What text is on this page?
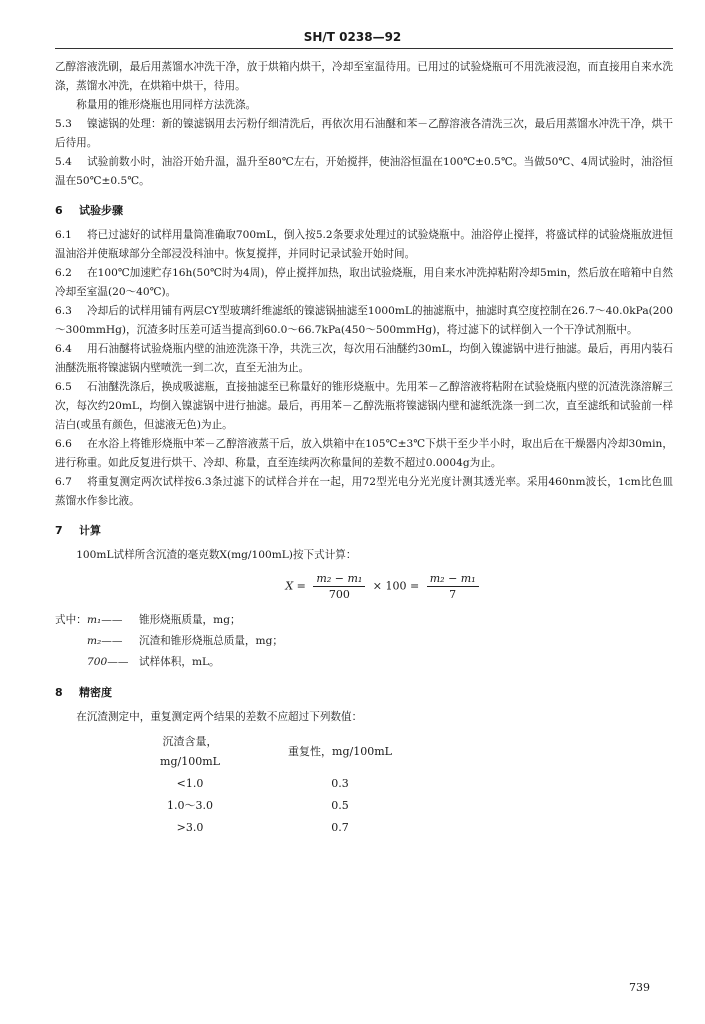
SH/T 0238—92

乙醇溶液洗刷，最后用蒸馏水冲洗干净，放于烘箱内烘干，冷却至室温待用。已用过的试验烧瓶可不用洗液浸泡，而直接用自来水洗涤，蒸馏水冲洗，在烘箱中烘干，待用。

称量用的锥形烧瓶也用同样方法洗涤。

5.3 镍滤锅的处理：新的镍滤锅用去污粉仔细清洗后，再依次用石油醚和苯－乙醇溶液各清洗三次，最后用蒸馏水冲洗干净，烘干后待用。

5.4 试验前数小时，油浴开始升温，温升至80℃左右，开始搅拌，使油浴恒温在100℃±0.5℃。当做50℃、4周试验时，油浴恒温在50℃±0.5℃。

6 试验步骤

6.1 将已过滤好的试样用量筒准确取700mL，倒入按5.2条要求处理过的试验烧瓶中。油浴停止搅拌，将盛试样的试验烧瓶放进恒温油浴并使瓶球部分全部浸没科油中。恢复搅拌，并同时记录试验开始时间。

6.2 在100℃加速贮存16h(50℃时为4周)，停止搅拌加热，取出试验烧瓶，用自来水冲洗掉粘附冷却5min，然后放在暗箱中自然冷却至室温(20～40℃)。

6.3 冷却后的试样用铺有两层CY型玻璃纤维滤纸的镍滤锅抽滤至1000mL的抽滤瓶中，抽滤时真空度控制在26.7～40.0kPa(200～300mmHg)，沉渣多时压差可适当提高到60.0～66.7kPa(450～500mmHg)，将过滤下的试样倒入一个干净试剂瓶中。

6.4 用石油醚将试验烧瓶内壁的油迹洗涤干净，共洗三次，每次用石油醚约30mL，均倒入镍滤锅中进行抽滤。最后，再用内装石油醚洗瓶将镍滤锅内壁喷洗一到二次，直至无油为止。

6.5 石油醚洗涤后，换成吸滤瓶，直接抽滤至已称量好的锥形烧瓶中。先用苯－乙醇溶液将粘附在试验烧瓶内壁的沉渣洗涤溶解三次，每次约20mL，均倒入镍滤锅中进行抽滤。最后，再用苯－乙醇洗瓶将镍滤锅内壁和滤纸洗涤一到二次，直至滤纸和试验前一样洁白(或虽有颜色，但滤液无色)为止。

6.6 在水浴上将锥形烧瓶中苯－乙醇溶液蒸干后，放入烘箱中在105℃±3℃下烘干至少半小时，取出后在干燥器内冷却30min，进行称重。如此反复进行烘干、冷却、称量，直至连续两次称量间的差数不超过0.0004g为止。

6.7 将重复测定两次试样按6.3条过滤下的试样合并在一起，用72型光电分光光度计测其透光率。采用460nm波长，1cm比色皿蒸馏水作参比液。

7 计算

100mL试样所含沉渣的毫克数X(mg/100mL)按下式计算：

$X = \frac{\text{m₂ − m₁}}{700} \times 100 = \frac{\text{m₂ − m₁}}{7}$
式中： m₁——	锥形烧瓶质量，mg；
m₂——	沉渣和锥形烧瓶总质量，mg；
700—— 试样体积，mL。
8 精密度

在沉渣测定中，重复测定两个结果的差数不应超过下列数值：

沉渣含量，mg/100mL	重复性，mg/100mL
<1.0	0.3
1.0～3.0	0.5
>3.0	0.7
739
